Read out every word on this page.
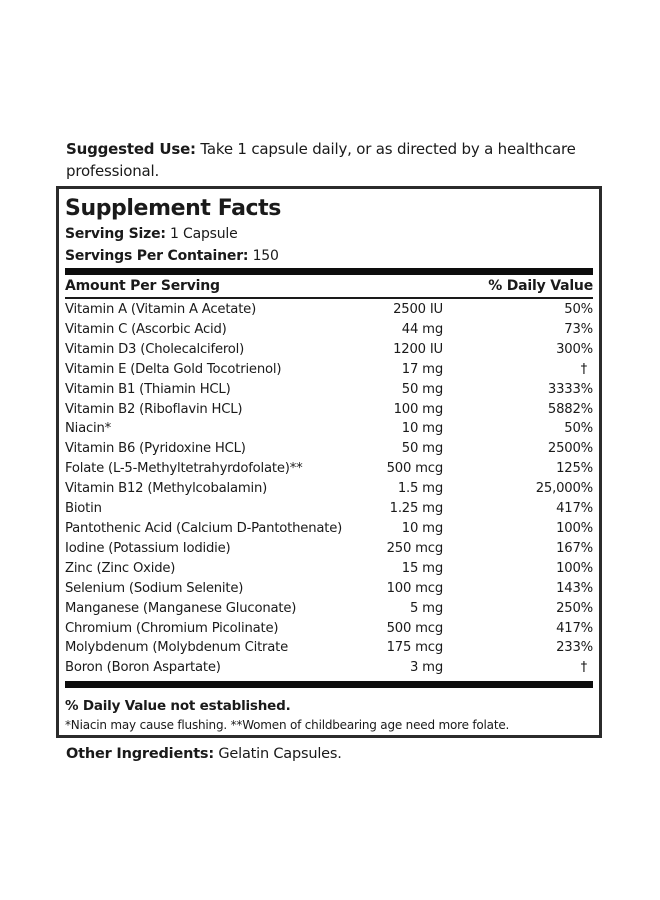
Suggested Use: Take 1 capsule daily, or as directed by a healthcare professional.
Supplement Facts
Serving Size: 1 Capsule
Servings Per Container: 150
Amount Per Serving	% Daily Value
Vitamin A (Vitamin A Acetate)	2500 IU	50%
Vitamin C (Ascorbic Acid)	44 mg	73%
Vitamin D3 (Cholecalciferol)	1200 IU	300%
Vitamin E (Delta Gold Tocotrienol)	17 mg	†
Vitamin B1 (Thiamin HCL)	50 mg	3333%
Vitamin B2 (Riboflavin HCL)	100 mg	5882%
Niacin*	10 mg	50%
Vitamin B6 (Pyridoxine HCL)	50 mg	2500%
Folate (L-5-Methyltetrahyrdofolate)**	500 mcg	125%
Vitamin B12 (Methylcobalamin)	1.5 mg	25,000%
Biotin	1.25 mg	417%
Pantothenic Acid (Calcium D-Pantothenate)	10 mg	100%
Iodine (Potassium Iodidie)	250 mcg	167%
Zinc (Zinc Oxide)	15 mg	100%
Selenium (Sodium Selenite)	100 mcg	143%
Manganese (Manganese Gluconate)	5 mg	250%
Chromium (Chromium Picolinate)	500 mcg	417%
Molybdenum (Molybdenum Citrate	175 mcg	233%
Boron (Boron Aspartate)	3 mg	†
% Daily Value not established.
*Niacin may cause flushing. **Women of childbearing age need more folate.
Other Ingredients: Gelatin Capsules.
